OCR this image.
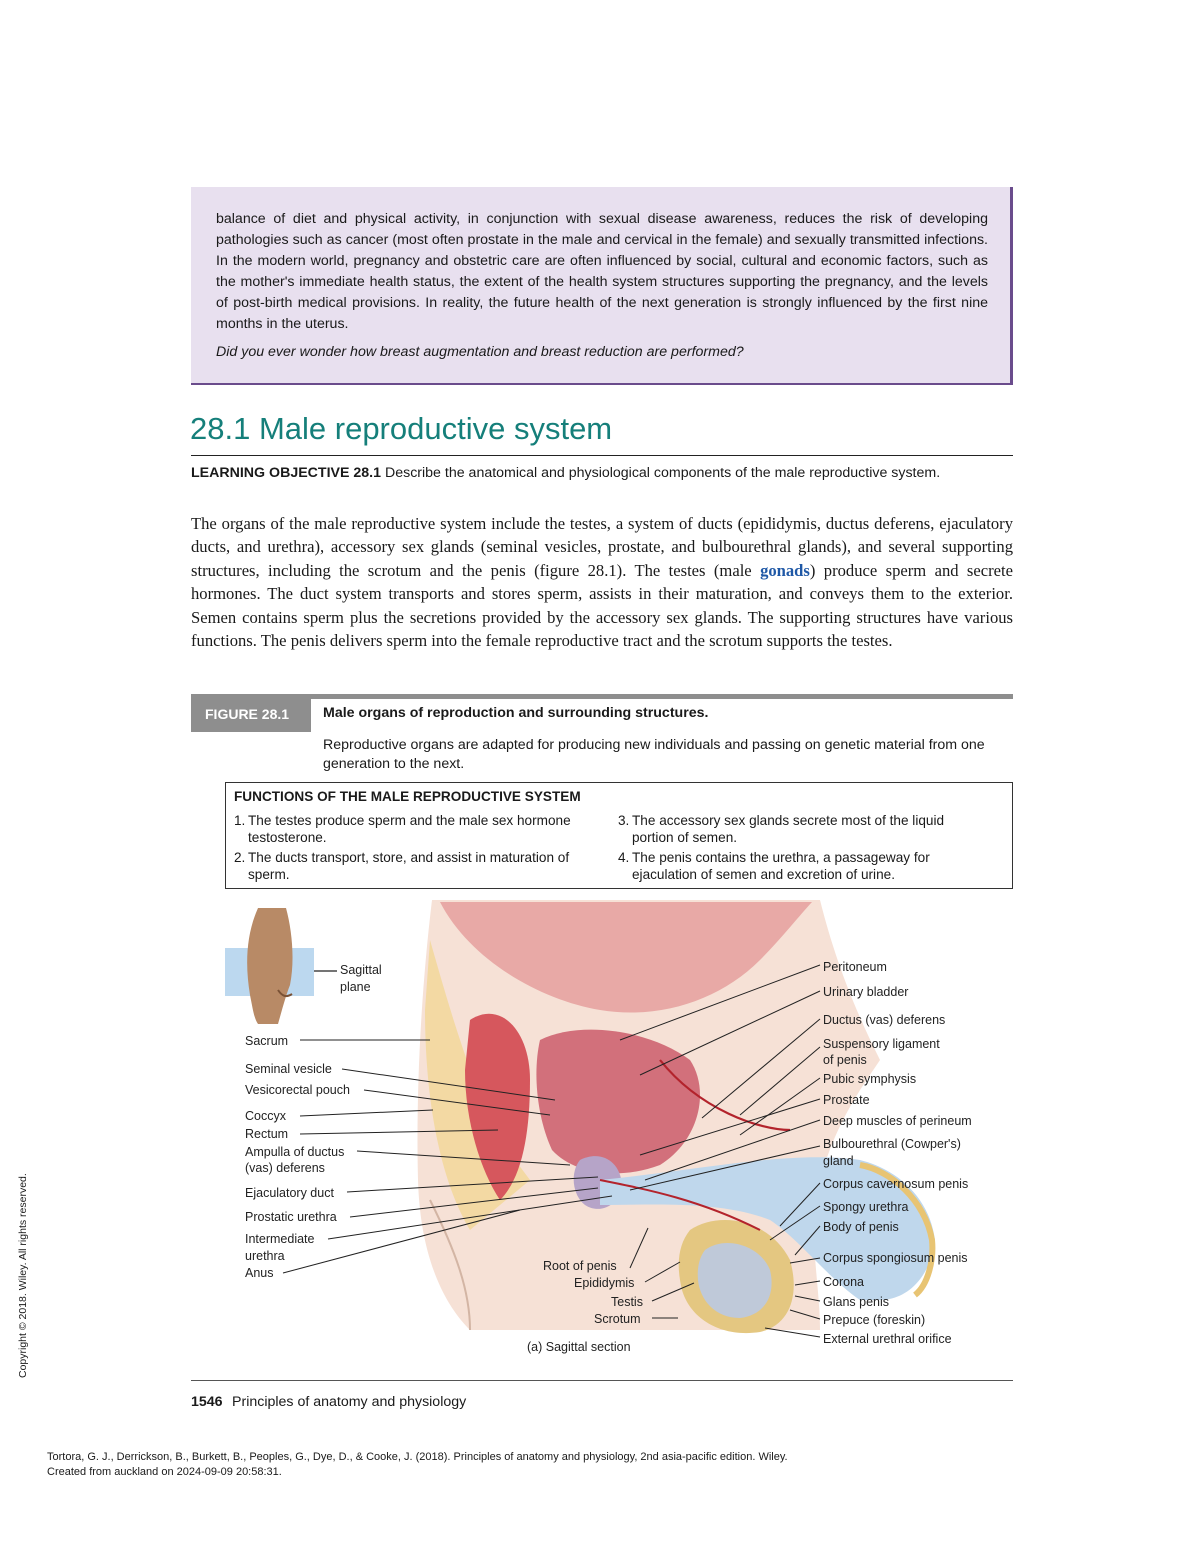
balance of diet and physical activity, in conjunction with sexual disease awareness, reduces the risk of developing pathologies such as cancer (most often prostate in the male and cervical in the female) and sexually transmitted infections. In the modern world, pregnancy and obstetric care are often influenced by social, cultural and economic factors, such as the mother's immediate health status, the extent of the health system structures supporting the pregnancy, and the levels of post-birth medical provisions. In reality, the future health of the next generation is strongly influenced by the first nine months in the uterus.
Did you ever wonder how breast augmentation and breast reduction are performed?
28.1 Male reproductive system
LEARNING OBJECTIVE 28.1 Describe the anatomical and physiological components of the male reproductive system.
The organs of the male reproductive system include the testes, a system of ducts (epididymis, ductus deferens, ejaculatory ducts, and urethra), accessory sex glands (seminal vesicles, prostate, and bulbourethral glands), and several supporting structures, including the scrotum and the penis (figure 28.1). The testes (male gonads) produce sperm and secrete hormones. The duct system transports and stores sperm, assists in their maturation, and conveys them to the exterior. Semen contains sperm plus the secretions provided by the accessory sex glands. The supporting structures have various functions. The penis delivers sperm into the female reproductive tract and the scrotum supports the testes.
FIGURE 28.1	Male organs of reproduction and surrounding structures.
Reproductive organs are adapted for producing new individuals and passing on genetic material from one generation to the next.
FUNCTIONS OF THE MALE REPRODUCTIVE SYSTEM
1. The testes produce sperm and the male sex hormone testosterone.
2. The ducts transport, store, and assist in maturation of sperm.
3. The accessory sex glands secrete most of the liquid portion of semen.
4. The penis contains the urethra, a passageway for ejaculation of semen and excretion of urine.
Sagittal
plane
Sacrum
Seminal vesicle
Vesicorectal pouch
Coccyx
Rectum
Ampulla of ductus
(vas) deferens
Ejaculatory duct
Prostatic urethra
Intermediate
urethra
Anus
Peritoneum
Urinary bladder
Ductus (vas) deferens
Suspensory ligament
of penis
Pubic symphysis
Prostate
Deep muscles of perineum
Bulbourethral (Cowper's)
gland
Corpus cavernosum penis
Spongy urethra
Body of penis
Corpus spongiosum penis
Corona
Glans penis
Prepuce (foreskin)
External urethral orifice
Root of penis
Epididymis
Testis
Scrotum
(a) Sagittal section
1546 Principles of anatomy and physiology
Tortora, G. J., Derrickson, B., Burkett, B., Peoples, G., Dye, D., & Cooke, J. (2018). Principles of anatomy and physiology, 2nd asia-pacific edition. Wiley.
Created from auckland on 2024-09-09 20:58:31.
Copyright © 2018. Wiley. All rights reserved.
